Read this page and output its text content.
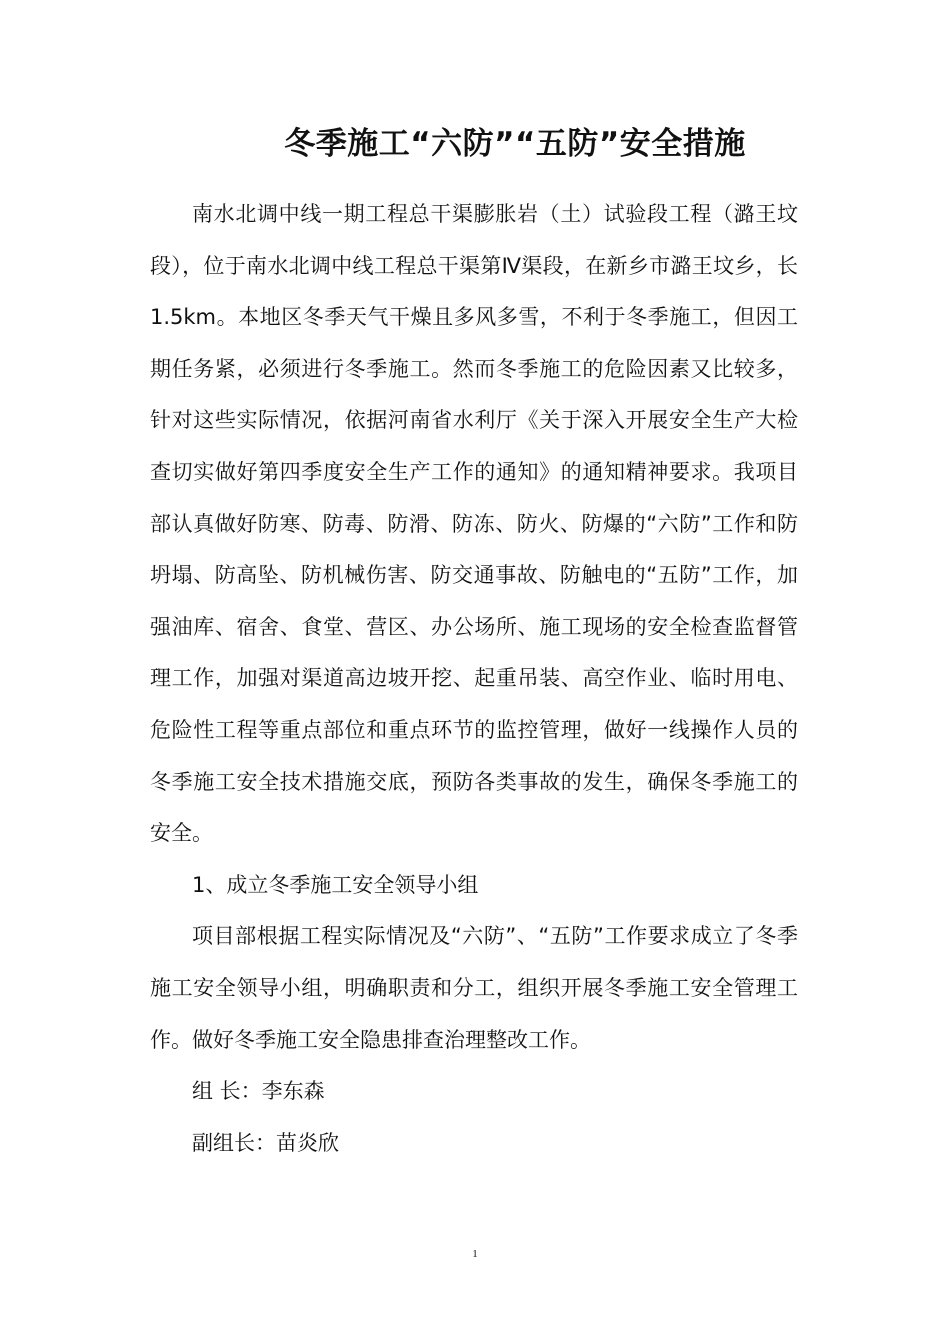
冬季施工“六防”“五防”安全措施

南水北调中线一期工程总干渠膨胀岩（土）试验段工程（潞王坟段），位于南水北调中线工程总干渠第Ⅳ渠段，在新乡市潞王坟乡，长1.5km。本地区冬季天气干燥且多风多雪，不利于冬季施工，但因工期任务紧，必须进行冬季施工。然而冬季施工的危险因素又比较多，针对这些实际情况，依据河南省水利厅《关于深入开展安全生产大检查切实做好第四季度安全生产工作的通知》的通知精神要求。我项目部认真做好防寒、防毒、防滑、防冻、防火、防爆的“六防”工作和防坍塌、防高坠、防机械伤害、防交通事故、防触电的“五防”工作，加强油库、宿舍、食堂、营区、办公场所、施工现场的安全检查监督管理工作，加强对渠道高边坡开挖、起重吊装、高空作业、临时用电、危险性工程等重点部位和重点环节的监控管理，做好一线操作人员的冬季施工安全技术措施交底，预防各类事故的发生，确保冬季施工的安全。

1、成立冬季施工安全领导小组

项目部根据工程实际情况及“六防”、“五防”工作要求成立了冬季施工安全领导小组，明确职责和分工，组织开展冬季施工安全管理工作。做好冬季施工安全隐患排查治理整改工作。

组 长：李东森

副组长：苗炎欣

1
